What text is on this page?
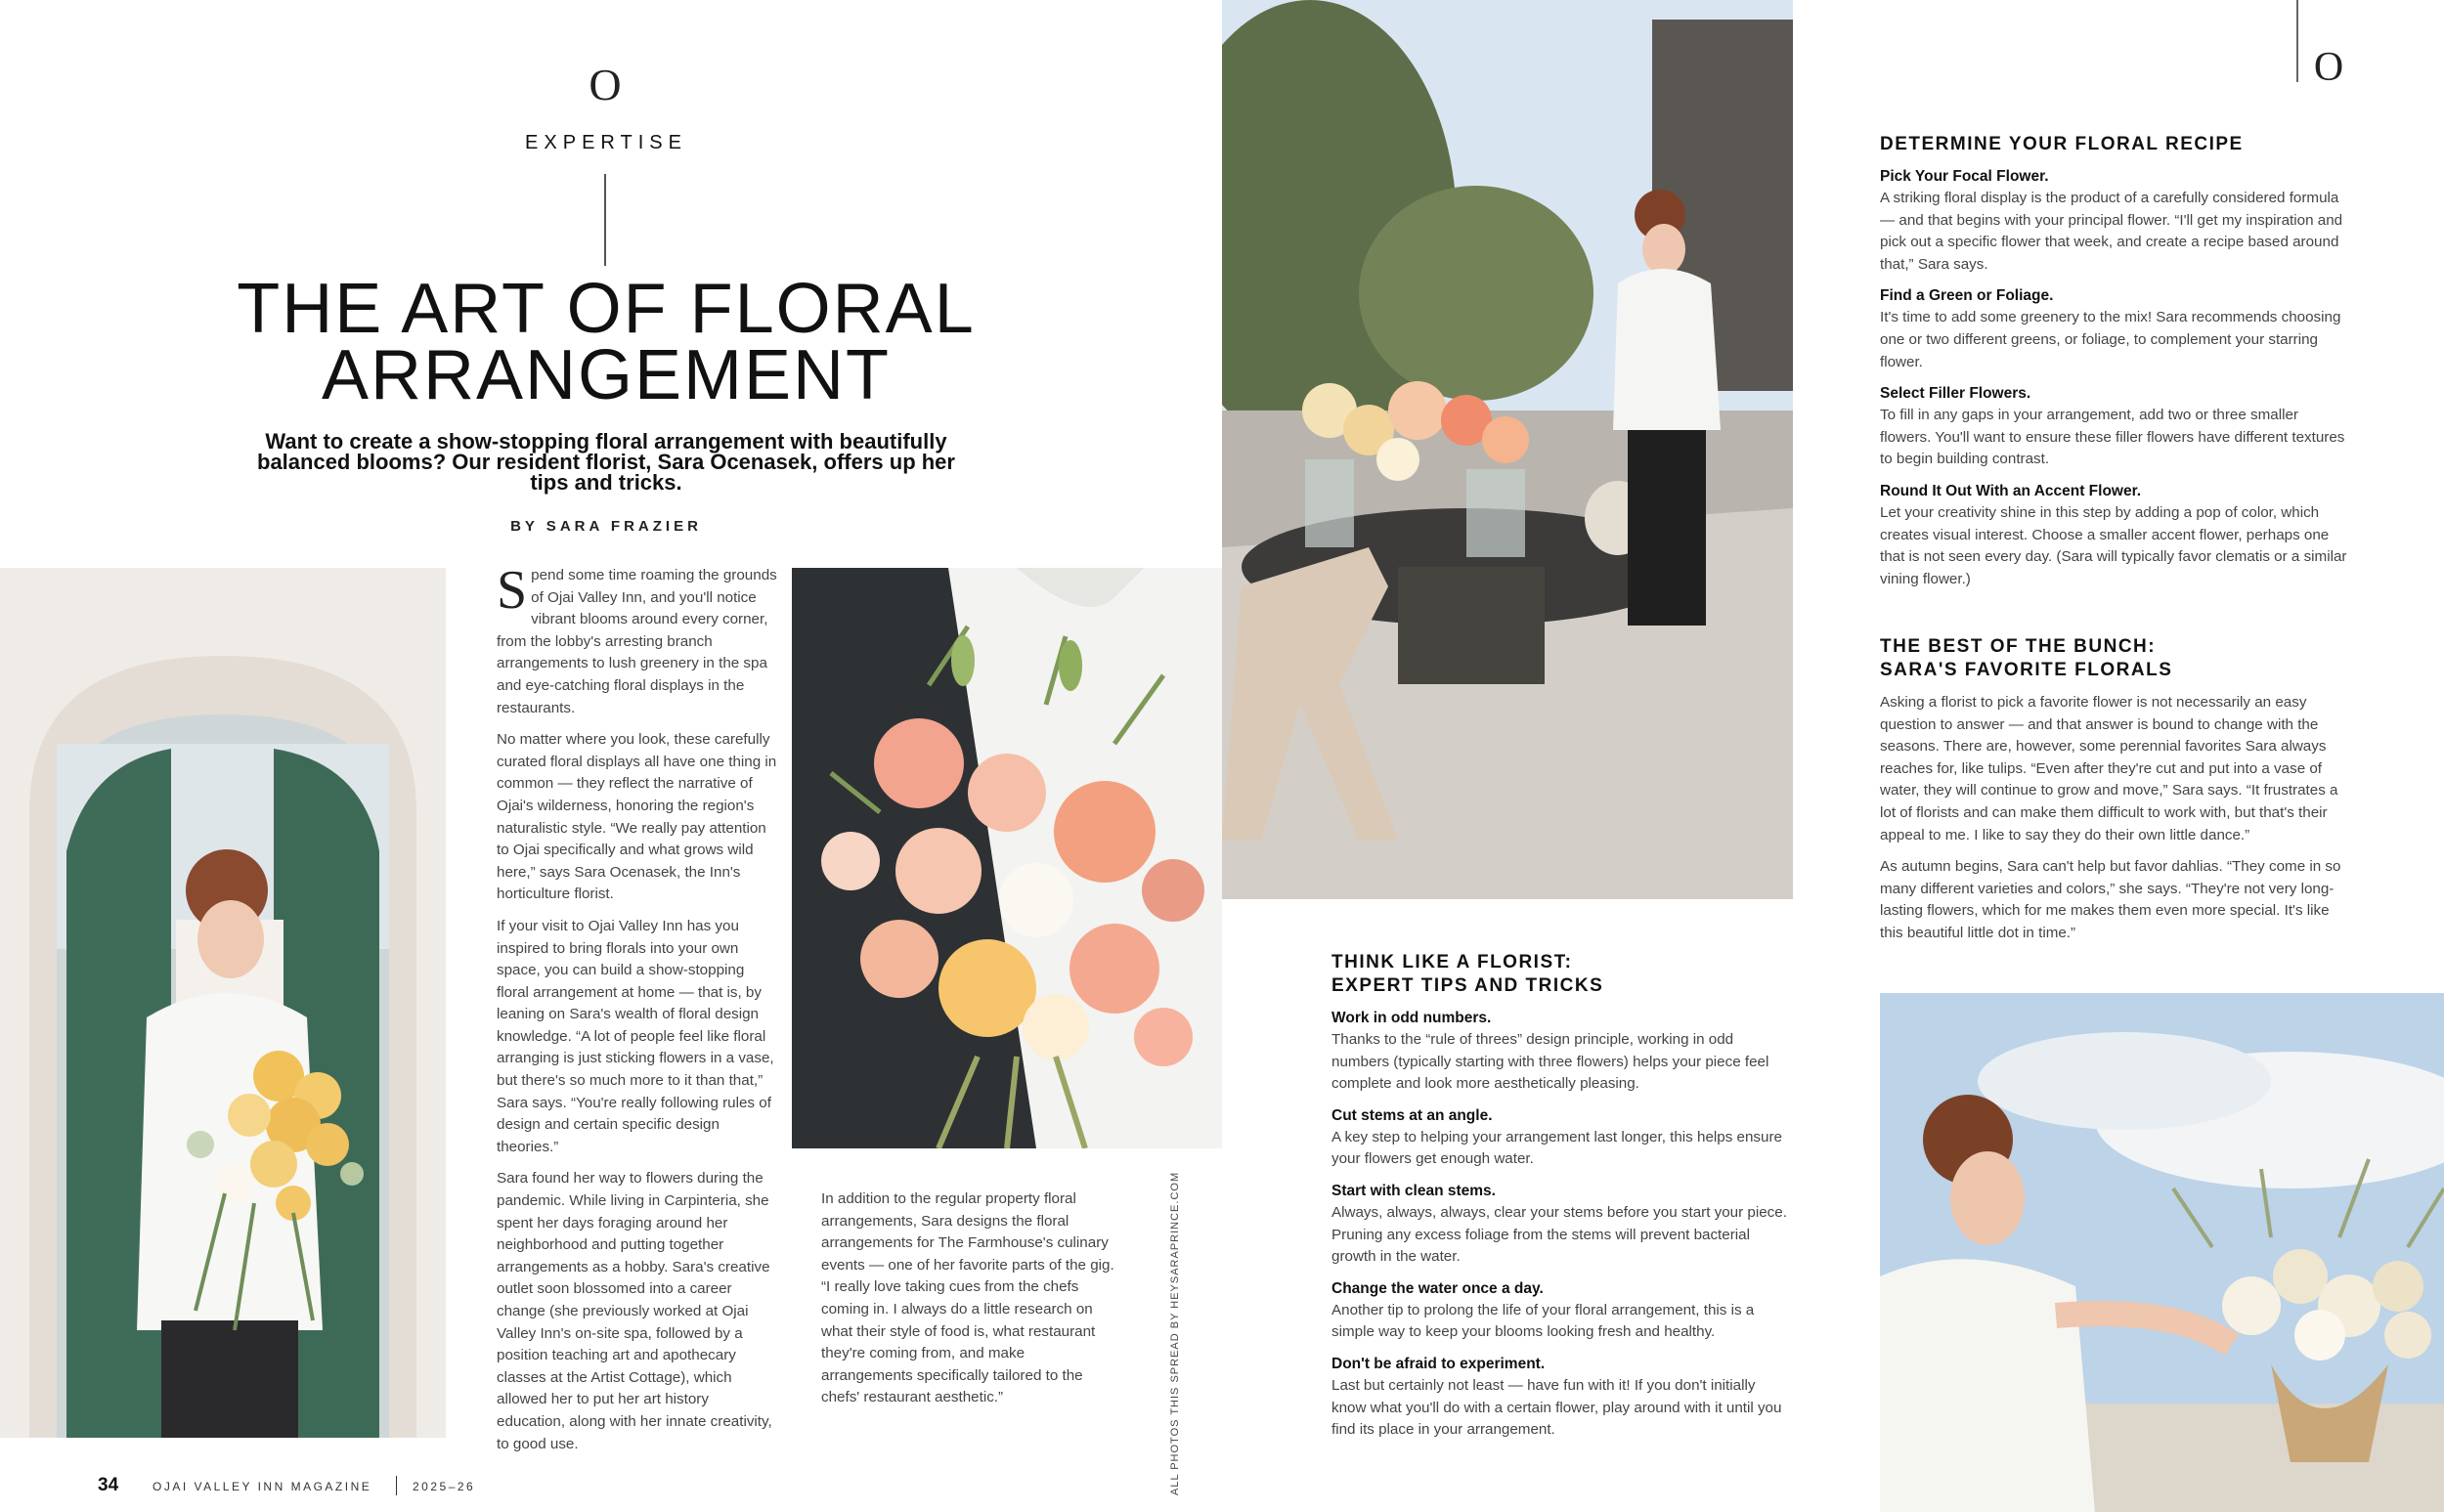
O
EXPERTISE
THE ART OF FLORAL
ARRANGEMENT
Want to create a show-stopping floral arrangement with beautifully balanced blooms? Our resident florist, Sara Ocenasek, offers up her tips and tricks.
BY SARA FRAZIER

Spend some time roaming the grounds of Ojai Valley Inn, and you'll notice vibrant blooms around every corner, from the lobby's arresting branch arrangements to lush greenery in the spa and eye-catching floral displays in the restaurants.

No matter where you look, these carefully curated floral displays all have one thing in common — they reflect the narrative of Ojai's wilderness, honoring the region's naturalistic style. “We really pay attention to Ojai specifically and what grows wild here,” says Sara Ocenasek, the Inn's horticulture florist.

If your visit to Ojai Valley Inn has you inspired to bring florals into your own space, you can build a show-stopping floral arrangement at home — that is, by leaning on Sara's wealth of floral design knowledge. “A lot of people feel like floral arranging is just sticking flowers in a vase, but there's so much more to it than that,” Sara says. “You're really following rules of design and certain specific design theories.”

Sara found her way to flowers during the pandemic. While living in Carpinteria, she spent her days foraging around her neighborhood and putting together arrangements as a hobby. Sara's creative outlet soon blossomed into a career change (she previously worked at Ojai Valley Inn's on-site spa, followed by a position teaching art and apothecary classes at the Artist Cottage), which allowed her to put her art history education, along with her innate creativity, to good use.

In addition to the regular property floral arrangements, Sara designs the floral arrangements for The Farmhouse's culinary events — one of her favorite parts of the gig. “I really love taking cues from the chefs coming in. I always do a little research on what their style of food is, what restaurant they're coming from, and make arrangements specifically tailored to the chefs' restaurant aesthetic.”	ALL PHOTOS THIS SPREAD BY HEYSARAPRINCE.COM
34	OJAI VALLEY INN MAGAZINE	2025–26
O
DETERMINE YOUR FLORAL RECIPE

Pick Your Focal Flower.

A striking floral display is the product of a carefully considered formula — and that begins with your principal flower. “I'll get my inspiration and pick out a specific flower that week, and create a recipe based around that,” Sara says.

Find a Green or Foliage.

It's time to add some greenery to the mix! Sara recommends choosing one or two different greens, or foliage, to complement your starring flower.

Select Filler Flowers.

To fill in any gaps in your arrangement, add two or three smaller flowers. You'll want to ensure these filler flowers have different textures to begin building contrast.

Round It Out With an Accent Flower.

Let your creativity shine in this step by adding a pop of color, which creates visual interest. Choose a smaller accent flower, perhaps one that is not seen every day. (Sara will typically favor clematis or a similar vining flower.)

THE BEST OF THE BUNCH:
SARA'S FAVORITE FLORALS

Asking a florist to pick a favorite flower is not necessarily an easy question to answer — and that answer is bound to change with the seasons. There are, however, some perennial favorites Sara always reaches for, like tulips. “Even after they're cut and put into a vase of water, they will continue to grow and move,” Sara says. “It frustrates a lot of florists and can make them difficult to work with, but that's their appeal to me. I like to say they do their own little dance.”

As autumn begins, Sara can't help but favor dahlias. “They come in so many different varieties and colors,” she says. “They're not very long-lasting flowers, which for me makes them even more special. It's like this beautiful little dot in time.”

THINK LIKE A FLORIST:
EXPERT TIPS AND TRICKS

Work in odd numbers.

Thanks to the “rule of threes” design principle, working in odd numbers (typically starting with three flowers) helps your piece feel complete and look more aesthetically pleasing.

Cut stems at an angle.

A key step to helping your arrangement last longer, this helps ensure your flowers get enough water.

Start with clean stems.

Always, always, always, clear your stems before you start your piece. Pruning any excess foliage from the stems will prevent bacterial growth in the water.

Change the water once a day.

Another tip to prolong the life of your floral arrangement, this is a simple way to keep your blooms looking fresh and healthy.

Don't be afraid to experiment.

Last but certainly not least — have fun with it! If you don't initially know what you'll do with a certain flower, play around with it until you find its place in your arrangement.
